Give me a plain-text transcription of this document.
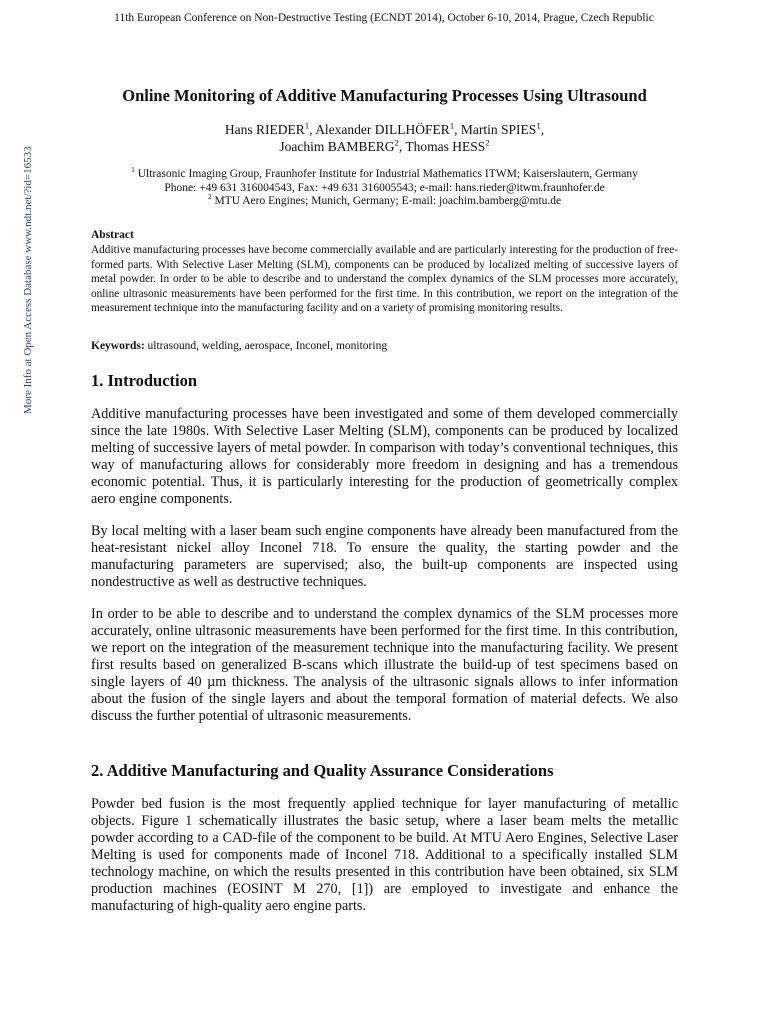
11th European Conference on Non-Destructive Testing (ECNDT 2014), October 6-10, 2014, Prague, Czech Republic
More Info at Open Access Database www.ndt.net/?id=16533
Online Monitoring of Additive Manufacturing Processes Using Ultrasound
Hans RIEDER$^1$, Alexander DILLHÖFER$^1$, Martin SPIES$^1$,
Joachim BAMBERG$^2$, Thomas HESS$^2$
$^1$ Ultrasonic Imaging Group, Fraunhofer Institute for Industrial Mathematics ITWM; Kaiserslautern, Germany
Phone: +49 631 316004543, Fax: +49 631 316005543; e-mail: hans.rieder@itwm.fraunhofer.de
$^2$ MTU Aero Engines; Munich, Germany; E-mail: joachim.bamberg@mtu.de
Abstract

Additive manufacturing processes have become commercially available and are particularly interesting for the production of free-formed parts. With Selective Laser Melting (SLM), components can be produced by localized melting of successive layers of metal powder. In order to be able to describe and to understand the complex dynamics of the SLM processes more accurately, online ultrasonic measurements have been performed for the first time. In this contribution, we report on the integration of the measurement technique into the manufacturing facility and on a variety of promising monitoring results.

Keywords: ultrasound, welding, aerospace, Inconel, monitoring
1. Introduction

Additive manufacturing processes have been investigated and some of them developed commercially since the late 1980s. With Selective Laser Melting (SLM), components can be produced by localized melting of successive layers of metal powder. In comparison with today’s conventional techniques, this way of manufacturing allows for considerably more freedom in designing and has a tremendous economic potential. Thus, it is particularly interesting for the production of geometrically complex aero engine components.

By local melting with a laser beam such engine components have already been manufactured from the heat-resistant nickel alloy Inconel 718. To ensure the quality, the starting powder and the manufacturing parameters are supervised; also, the built-up components are inspected using nondestructive as well as destructive techniques.

In order to be able to describe and to understand the complex dynamics of the SLM processes more accurately, online ultrasonic measurements have been performed for the first time. In this contribution, we report on the integration of the measurement technique into the manufacturing facility. We present first results based on generalized B-scans which illustrate the build-up of test specimens based on single layers of 40 µm thickness. The analysis of the ultrasonic signals allows to infer information about the fusion of the single layers and about the temporal formation of material defects. We also discuss the further potential of ultrasonic measurements.

2. Additive Manufacturing and Quality Assurance Considerations

Powder bed fusion is the most frequently applied technique for layer manufacturing of metallic objects. Figure 1 schematically illustrates the basic setup, where a laser beam melts the metallic powder according to a CAD-file of the component to be build. At MTU Aero Engines, Selective Laser Melting is used for components made of Inconel 718. Additional to a specifically installed SLM technology machine, on which the results presented in this contribution have been obtained, six SLM production machines (EOSINT M 270, [1]) are employed to investigate and enhance the manufacturing of high-quality aero engine parts.
